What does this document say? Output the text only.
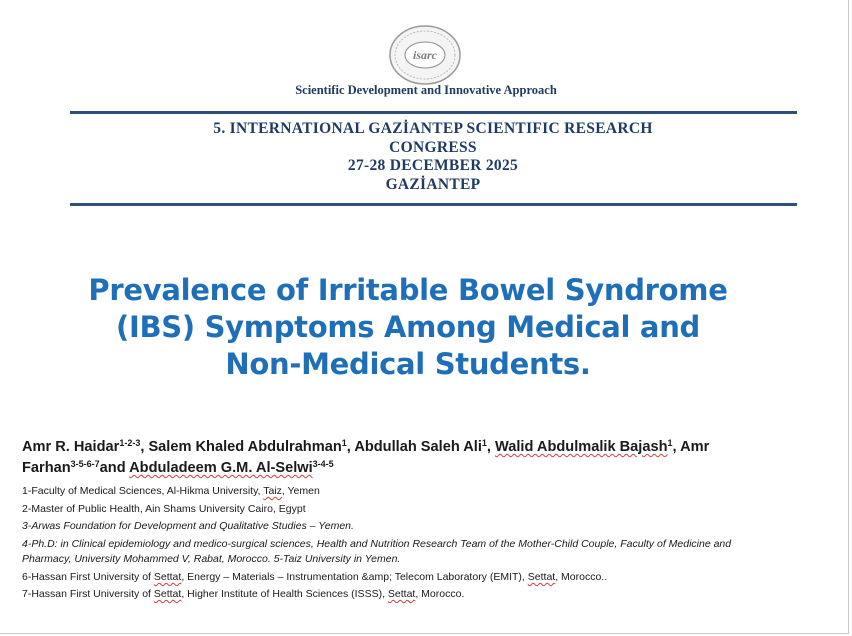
isarc
Scientific Development and Innovative Approach
5. INTERNATIONAL GAZİANTEP SCIENTIFIC RESEARCH
CONGRESS
27-28 DECEMBER 2025
GAZİANTEP
Prevalence of Irritable Bowel Syndrome
(IBS) Symptoms Among Medical and
Non-Medical Students.
Amr R. Haidar$^{1-2-3}$, Salem Khaled Abdulrahman$^1$, Abdullah Saleh Ali$^1$, Walid Abdulmalik Bajash$^1$, Amr
Farhan$^{3-5-6-7}$and Abduladeem G.M. Al-Selwi$^{3-4-5}$
1-Faculty of Medical Sciences, Al-Hikma University, Taiz, Yemen
2-Master of Public Health, Ain Shams University Cairo, Egypt
3-Arwas Foundation for Development and Qualitative Studies – Yemen.
4-Ph.D: in Clinical epidemiology and medico-surgical sciences, Health and Nutrition Research Team of the Mother-Child Couple, Faculty of Medicine and
Pharmacy, University Mohammed V, Rabat, Morocco. 5-Taiz University in Yemen.
6-Hassan First University of Settat, Energy – Materials – Instrumentation &amp; Telecom Laboratory (EMIT), Settat, Morocco..
7-Hassan First University of Settat, Higher Institute of Health Sciences (ISSS), Settat, Morocco.
